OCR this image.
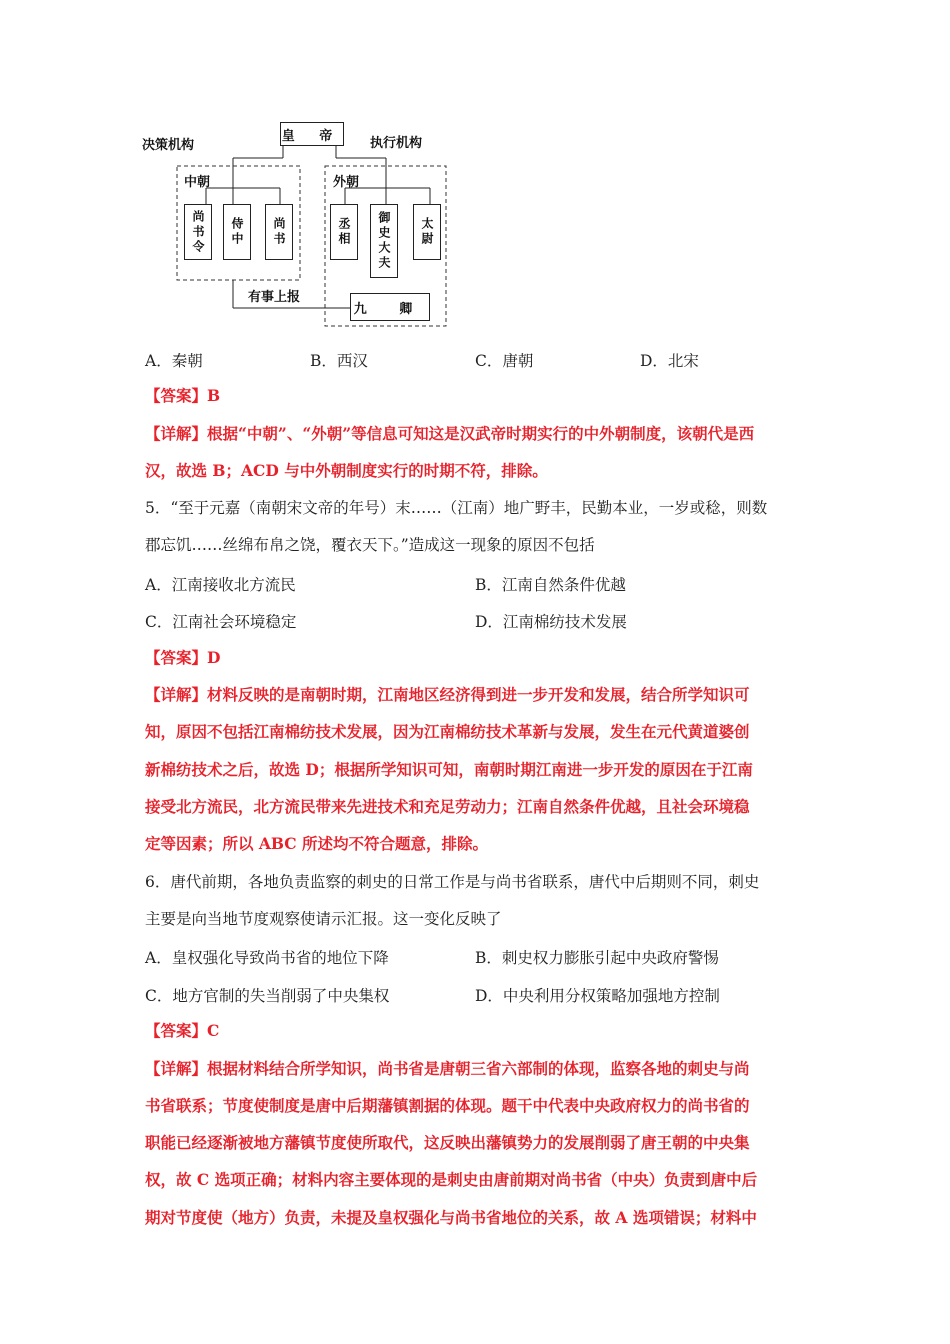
决策机构	执行机构
皇 帝
中朝	外朝
尚书令	侍中	尚书	丞相	御史大夫	太尉
有事上报
九 卿
A．秦朝	B．西汉	C．唐朝	D．北宋
【答案】B
【详解】根据“中朝”、“外朝”等信息可知这是汉武帝时期实行的中外朝制度，该朝代是西
汉，故选 B；ACD 与中外朝制度实行的时期不符，排除。
5．“至于元嘉（南朝宋文帝的年号）末……（江南）地广野丰，民勤本业，一岁或稔，则数
郡忘饥……丝绵布帛之饶，覆衣天下。”造成这一现象的原因不包括
A．江南接收北方流民	B．江南自然条件优越
C．江南社会环境稳定	D．江南棉纺技术发展
【答案】D
【详解】材料反映的是南朝时期，江南地区经济得到进一步开发和发展，结合所学知识可
知，原因不包括江南棉纺技术发展，因为江南棉纺技术革新与发展，发生在元代黄道婆创
新棉纺技术之后，故选 D；根据所学知识可知，南朝时期江南进一步开发的原因在于江南
接受北方流民，北方流民带来先进技术和充足劳动力；江南自然条件优越，且社会环境稳
定等因素；所以 ABC 所述均不符合题意，排除。
6．唐代前期，各地负责监察的刺史的日常工作是与尚书省联系，唐代中后期则不同，刺史
主要是向当地节度观察使请示汇报。这一变化反映了
A．皇权强化导致尚书省的地位下降	B．刺史权力膨胀引起中央政府警惕
C．地方官制的失当削弱了中央集权	D．中央利用分权策略加强地方控制
【答案】C
【详解】根据材料结合所学知识，尚书省是唐朝三省六部制的体现，监察各地的刺史与尚
书省联系；节度使制度是唐中后期藩镇割据的体现。题干中代表中央政府权力的尚书省的
职能已经逐渐被地方藩镇节度使所取代，这反映出藩镇势力的发展削弱了唐王朝的中央集
权，故 C 选项正确；材料内容主要体现的是刺史由唐前期对尚书省（中央）负责到唐中后
期对节度使（地方）负责，未提及皇权强化与尚书省地位的关系，故 A 选项错误；材料中
